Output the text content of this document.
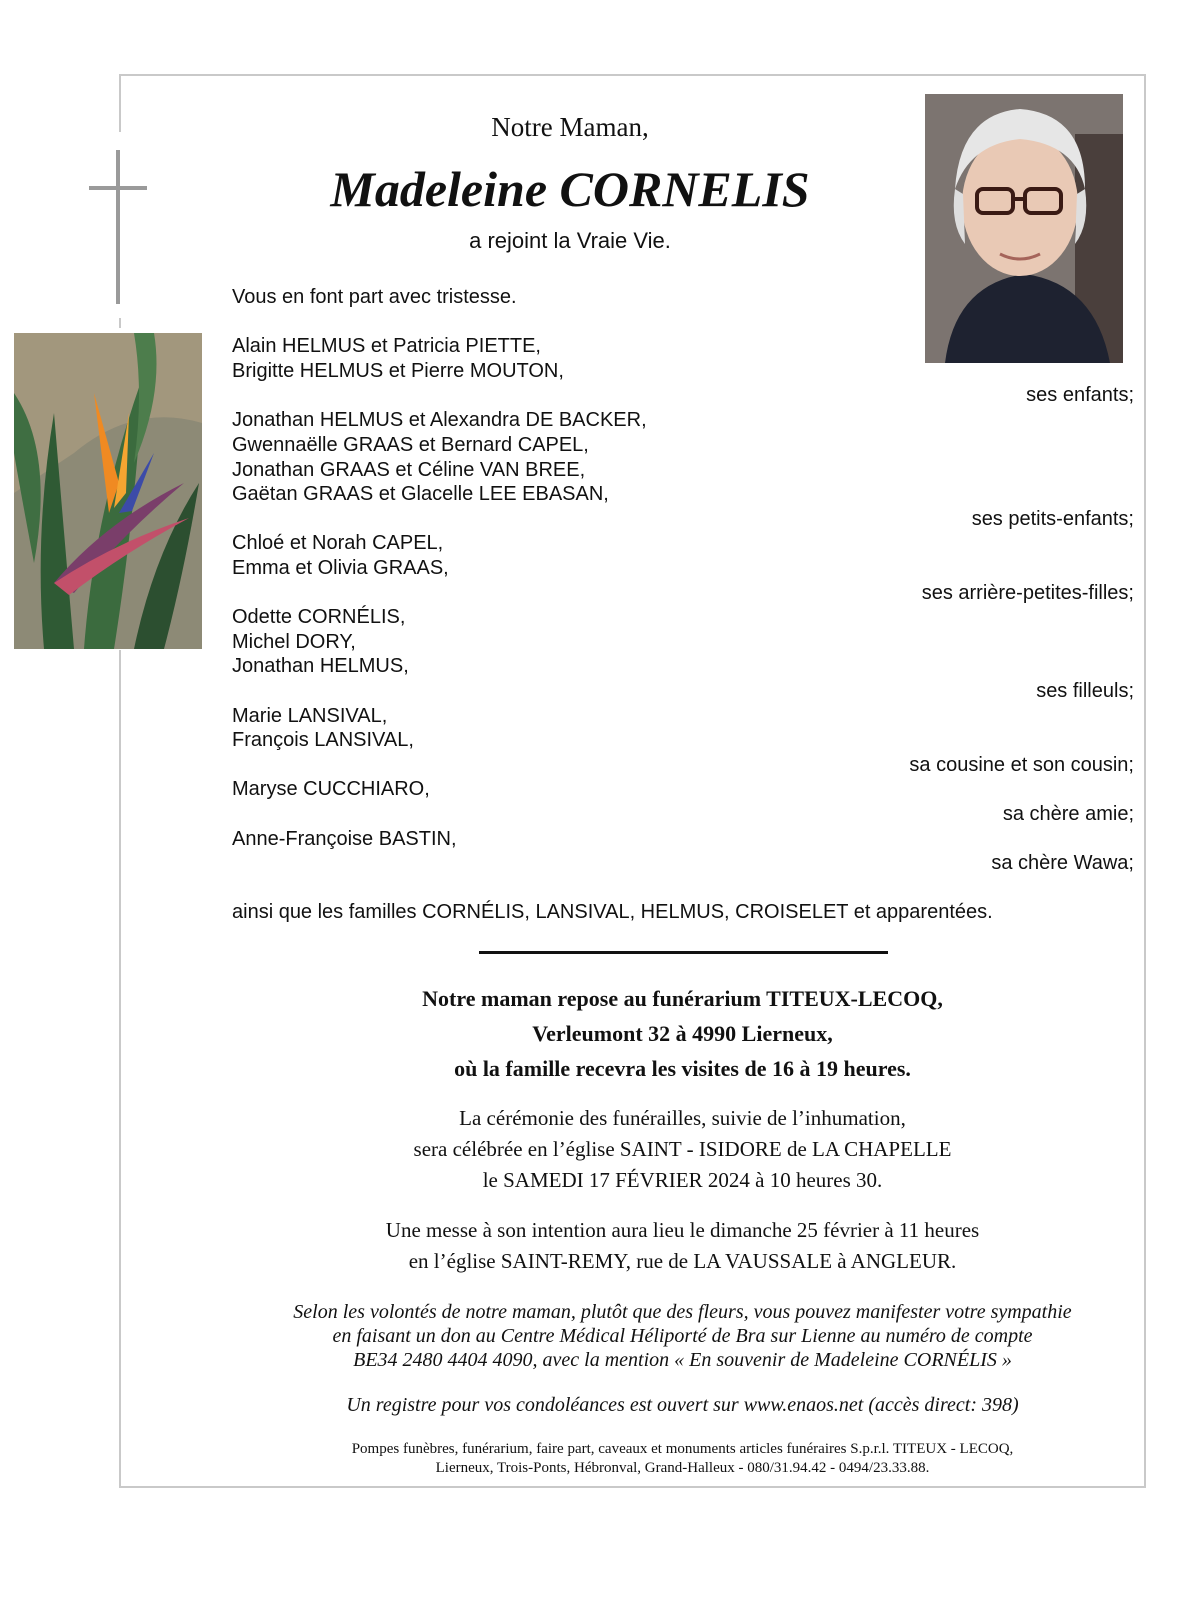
Notre Maman,
Madeleine CORNELIS
a rejoint la Vraie Vie.
Vous en font part avec tristesse.
Alain HELMUS et Patricia PIETTE,
Brigitte HELMUS et Pierre MOUTON,
ses enfants;
Jonathan HELMUS et Alexandra DE BACKER,
Gwennaëlle GRAAS et Bernard CAPEL,
Jonathan GRAAS et Céline VAN BREE,
Gaëtan GRAAS et Glacelle LEE EBASAN,
ses petits-enfants;
Chloé et Norah CAPEL,
Emma et Olivia GRAAS,
ses arrière-petites-filles;
Odette CORNÉLIS,
Michel DORY,
Jonathan HELMUS,
ses filleuls;
Marie LANSIVAL,
François LANSIVAL,
sa cousine et son cousin;
Maryse CUCCHIARO,
sa chère amie;
Anne-Françoise BASTIN,
sa chère Wawa;
ainsi que les familles CORNÉLIS, LANSIVAL, HELMUS, CROISELET et apparentées.
Notre maman repose au funérarium TITEUX-LECOQ,
Verleumont 32 à 4990 Lierneux,
où la famille recevra les visites de 16 à 19 heures.
La cérémonie des funérailles, suivie de l’inhumation,
sera célébrée en l’église SAINT - ISIDORE de LA CHAPELLE
le SAMEDI 17 FÉVRIER 2024 à 10 heures 30.
Une messe à son intention aura lieu le dimanche 25 février à 11 heures
en l’église SAINT-REMY, rue de LA VAUSSALE à ANGLEUR.
Selon les volontés de notre maman, plutôt que des fleurs, vous pouvez manifester votre sympathie
en faisant un don au Centre Médical Héliporté de Bra sur Lienne au numéro de compte
BE34 2480 4404 4090, avec la mention « En souvenir de Madeleine CORNÉLIS »
Un registre pour vos condoléances est ouvert sur www.enaos.net (accès direct: 398)
Pompes funèbres, funérarium, faire part, caveaux et monuments articles funéraires S.p.r.l. TITEUX - LECOQ,
Lierneux, Trois-Ponts, Hébronval, Grand-Halleux - 080/31.94.42 - 0494/23.33.88.
